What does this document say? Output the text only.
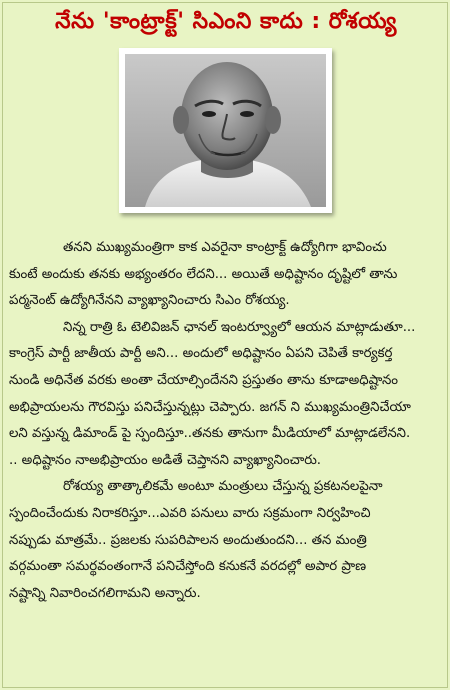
నేను 'కాంట్రాక్ట్' సిఎంని కాదు : రోశయ్య

తనని ముఖ్యమంత్రిగా కాక ఎవరైనా కాంట్రాక్ట్ ఉద్యోగిగా భావించు
కుంటే అందుకు తనకు అభ్యంతరం లేదని... అయితే అధిష్టానం దృష్టిలో తాను
పర్మనెంట్ ఉద్యోగినేనని వ్యాఖ్యానించారు సిఎం రోశయ్య.

నిన్న రాత్రి ఓ టెలివిజన్ ఛానల్ ఇంటర్వ్యూలో ఆయన మాట్లాడుతూ...
కాంగ్రెస్ పార్టీ జాతీయ పార్టీ అని... అందులో అధిష్టానం ఏపని చెపితే కార్యకర్త
నుండి అధినేత వరకు అంతా చేయాల్సిందేనని ప్రస్తుతం తాను కూడాఅధిష్టానం
అభిప్రాయలను గౌరవిస్తు పనిచేస్తున్నట్లు చెప్పారు. జగన్ ని ముఖ్యమంత్రినిచేయా
లని వస్తున్న డిమాండ్ పై స్పందిస్తూ..తనకు తానుగా మీడియాలో మాట్లాడలేనని.
.. అధిష్టానం నాఅభిప్రాయం అడితే చెప్తానని వ్యాఖ్యానించారు.

రోశయ్య తాత్కాలికమే అంటూ మంత్రులు చేస్తున్న ప్రకటనలపైనా
స్పందించేందుకు నిరాకరిస్తూ...ఎవరి పనులు వారు సక్రమంగా నిర్వహించి
నప్పుడు మాత్రమే.. ప్రజలకు సుపరిపాలన అందుతుందని... తన మంత్రి
వర్గమంతా సమర్థవంతంగానే పనిచేస్తోంది కనుకనే వరదల్లో అపార ప్రాణ
నష్టాన్ని నివారించగలిగామని అన్నారు.
